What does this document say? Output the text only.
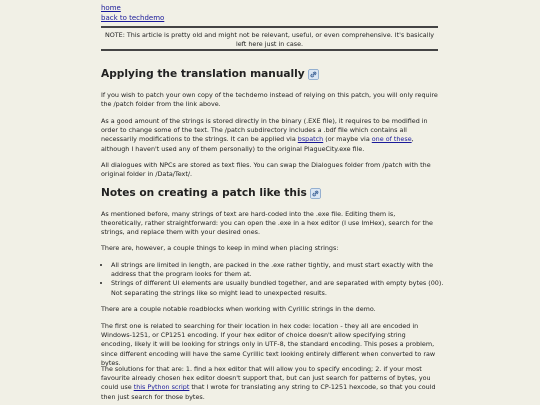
home
back to techdemo
NOTE: This article is pretty old and might not be relevant, useful, or even comprehensive. It's basically left here just in case.
Applying the translation manually

If you wish to patch your own copy of the techdemo instead of relying on this patch, you will only require the /patch folder from the link above.

As a good amount of the strings is stored directly in the binary (.EXE file), it requires to be modified in order to change some of the text. The /patch subdirectory includes a .bdf file which contains all necessarily modifications to the strings. It can be applied via bspatch (or maybe via one of these, although I haven't used any of them personally) to the original PlagueCity.exe file.

All dialogues with NPCs are stored as text files. You can swap the Dialogues folder from /patch with the original folder in /Data/Text/.

Notes on creating a patch like this

As mentioned before, many strings of text are hard-coded into the .exe file. Editing them is, theoretically, rather straightforward: you can open the .exe in a hex editor (I use ImHex), search for the strings, and replace them with your desired ones.

There are, however, a couple things to keep in mind when placing strings:

• All strings are limited in length, are packed in the .exe rather tightly, and must start exactly with the address that the program looks for them at.
• Strings of different UI elements are usually bundled together, and are separated with empty bytes (00). Not separating the strings like so might lead to unexpected results.

There are a couple notable roadblocks when working with Cyrillic strings in the demo.

The first one is related to searching for their location in hex code: location - they all are encoded in Windows-1251, or CP1251 encoding. If your hex editor of choice doesn't allow specifying string encoding, likely it will be looking for strings only in UTF-8, the standard encoding. This poses a problem, since different encoding will have the same Cyrillic text looking entirely different when converted to raw bytes.

The solutions for that are: 1. find a hex editor that will allow you to specify encoding; 2. if your most favourite already chosen hex editor doesn't support that, but can just search for patterns of bytes, you could use this Python script that I wrote for translating any string to CP-1251 hexcode, so that you could then just search for those bytes.
